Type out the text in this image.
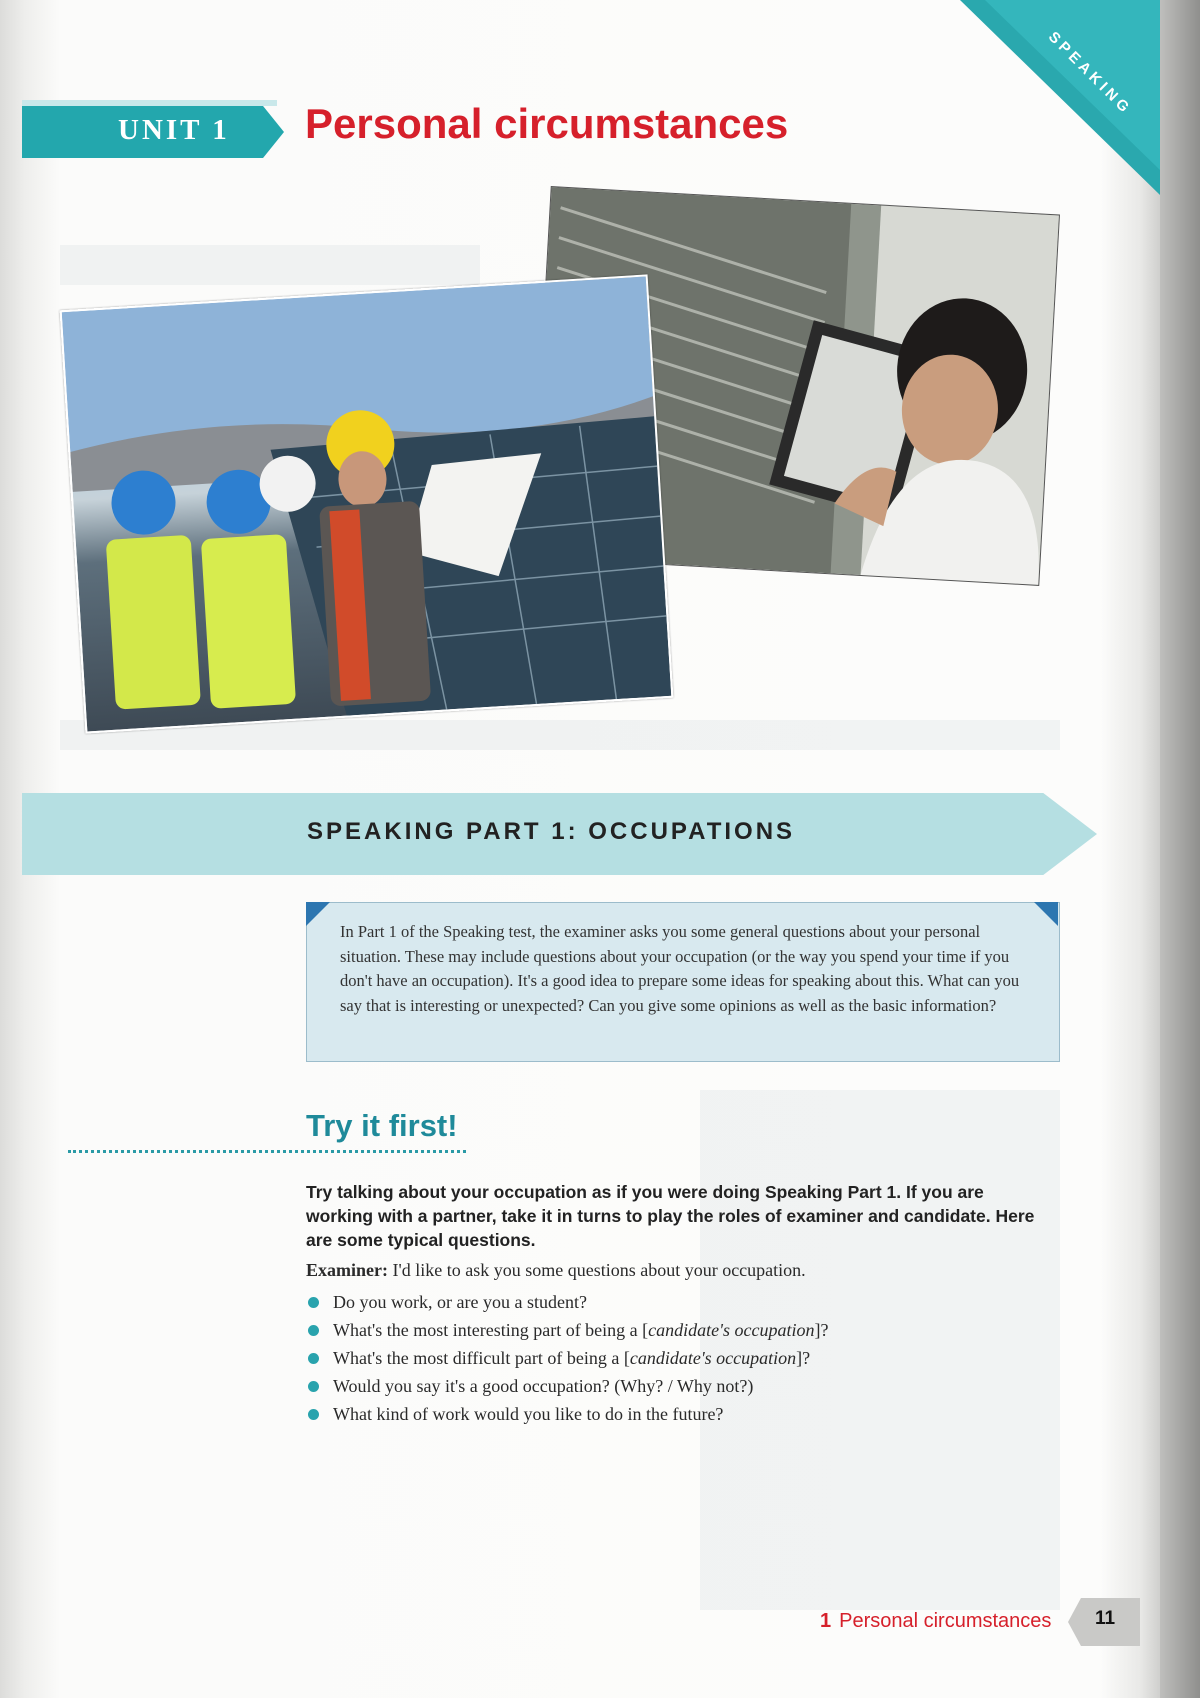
SPEAKING
UNIT 1 Personal circumstances
SPEAKING PART 1: OCCUPATIONS
In Part 1 of the Speaking test, the examiner asks you some general questions about your personal situation. These may include questions about your occupation (or the way you spend your time if you don't have an occupation). It's a good idea to prepare some ideas for speaking about this. What can you say that is interesting or unexpected? Can you give some opinions as well as the basic information?
Try it first!
Try talking about your occupation as if you were doing Speaking Part 1. If you are working with a partner, take it in turns to play the roles of examiner and candidate. Here are some typical questions.
Examiner: I'd like to ask you some questions about your occupation.
Do you work, or are you a student?
What's the most interesting part of being a [candidate's occupation]?
What's the most difficult part of being a [candidate's occupation]?
Would you say it's a good occupation? (Why? / Why not?)
What kind of work would you like to do in the future?
1 Personal circumstances 11
